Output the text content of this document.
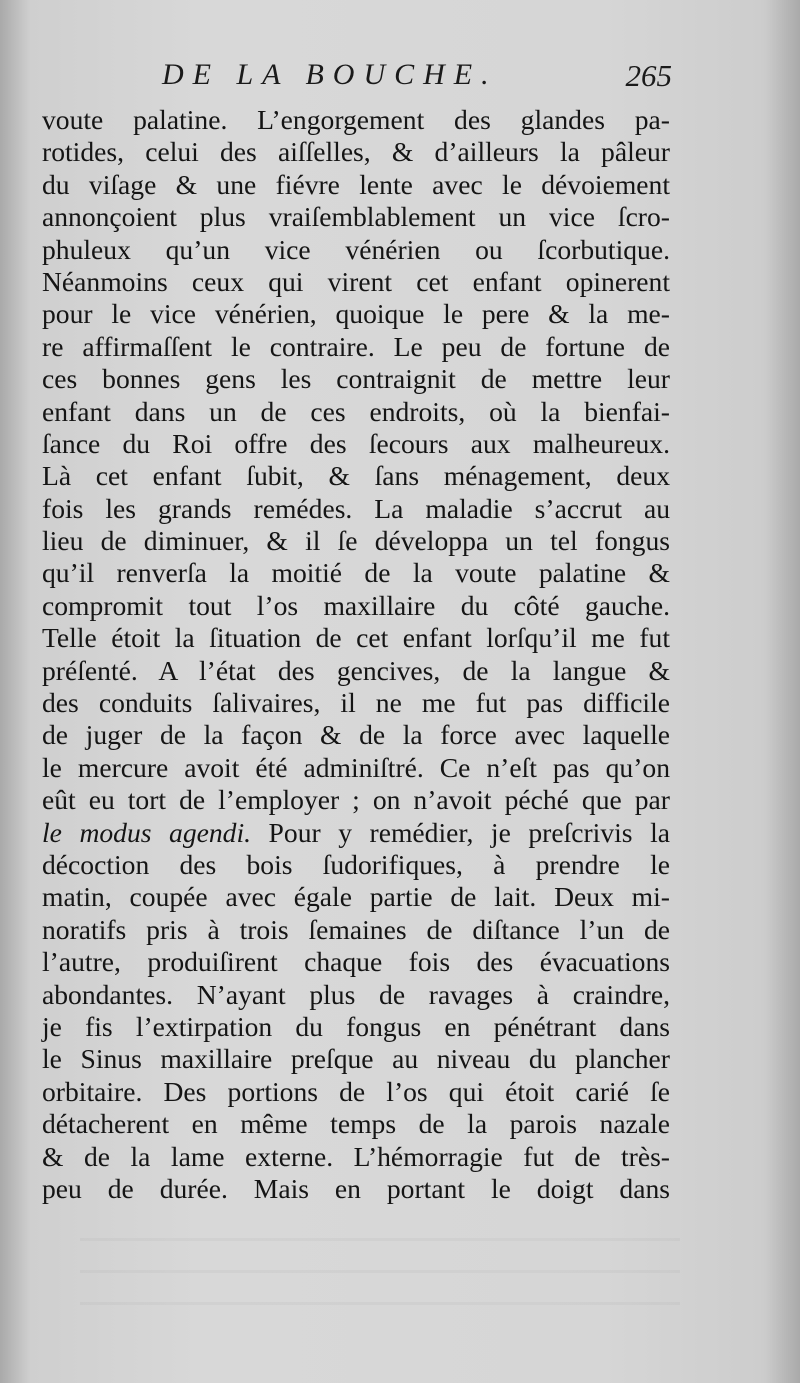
DE LA BOUCHE.	265
voute palatine. L’engorgement des glandes pa-
rotides, celui des aiſſelles, & d’ailleurs la pâleur
du viſage & une fiévre lente avec le dévoiement
annonçoient plus vraiſemblablement un vice ſcro-
phuleux qu’un vice vénérien ou ſcorbutique.
Néanmoins ceux qui virent cet enfant opinerent
pour le vice vénérien, quoique le pere & la me-
re affirmaſſent le contraire. Le peu de fortune de
ces bonnes gens les contraignit de mettre leur
enfant dans un de ces endroits, où la bienfai-
ſance du Roi offre des ſecours aux malheureux.
Là cet enfant ſubit, & ſans ménagement, deux
fois les grands remédes. La maladie s’accrut au
lieu de diminuer, & il ſe développa un tel fongus
qu’il renverſa la moitié de la voute palatine &
compromit tout l’os maxillaire du côté gauche.
Telle étoit la ſituation de cet enfant lorſqu’il me fut
préſenté. A l’état des gencives, de la langue &
des conduits ſalivaires, il ne me fut pas difficile
de juger de la façon & de la force avec laquelle
le mercure avoit été adminiſtré. Ce n’eſt pas qu’on
eût eu tort de l’employer ; on n’avoit péché que par
le modus agendi. Pour y remédier, je preſcrivis la
décoction des bois ſudorifiques, à prendre le
matin, coupée avec égale partie de lait. Deux mi-
noratifs pris à trois ſemaines de diſtance l’un de
l’autre, produiſirent chaque fois des évacuations
abondantes. N’ayant plus de ravages à craindre,
je fis l’extirpation du fongus en pénétrant dans
le Sinus maxillaire preſque au niveau du plancher
orbitaire. Des portions de l’os qui étoit carié ſe
détacherent en même temps de la parois nazale
& de la lame externe. L’hémorragie fut de très-
peu de durée. Mais en portant le doigt dans
